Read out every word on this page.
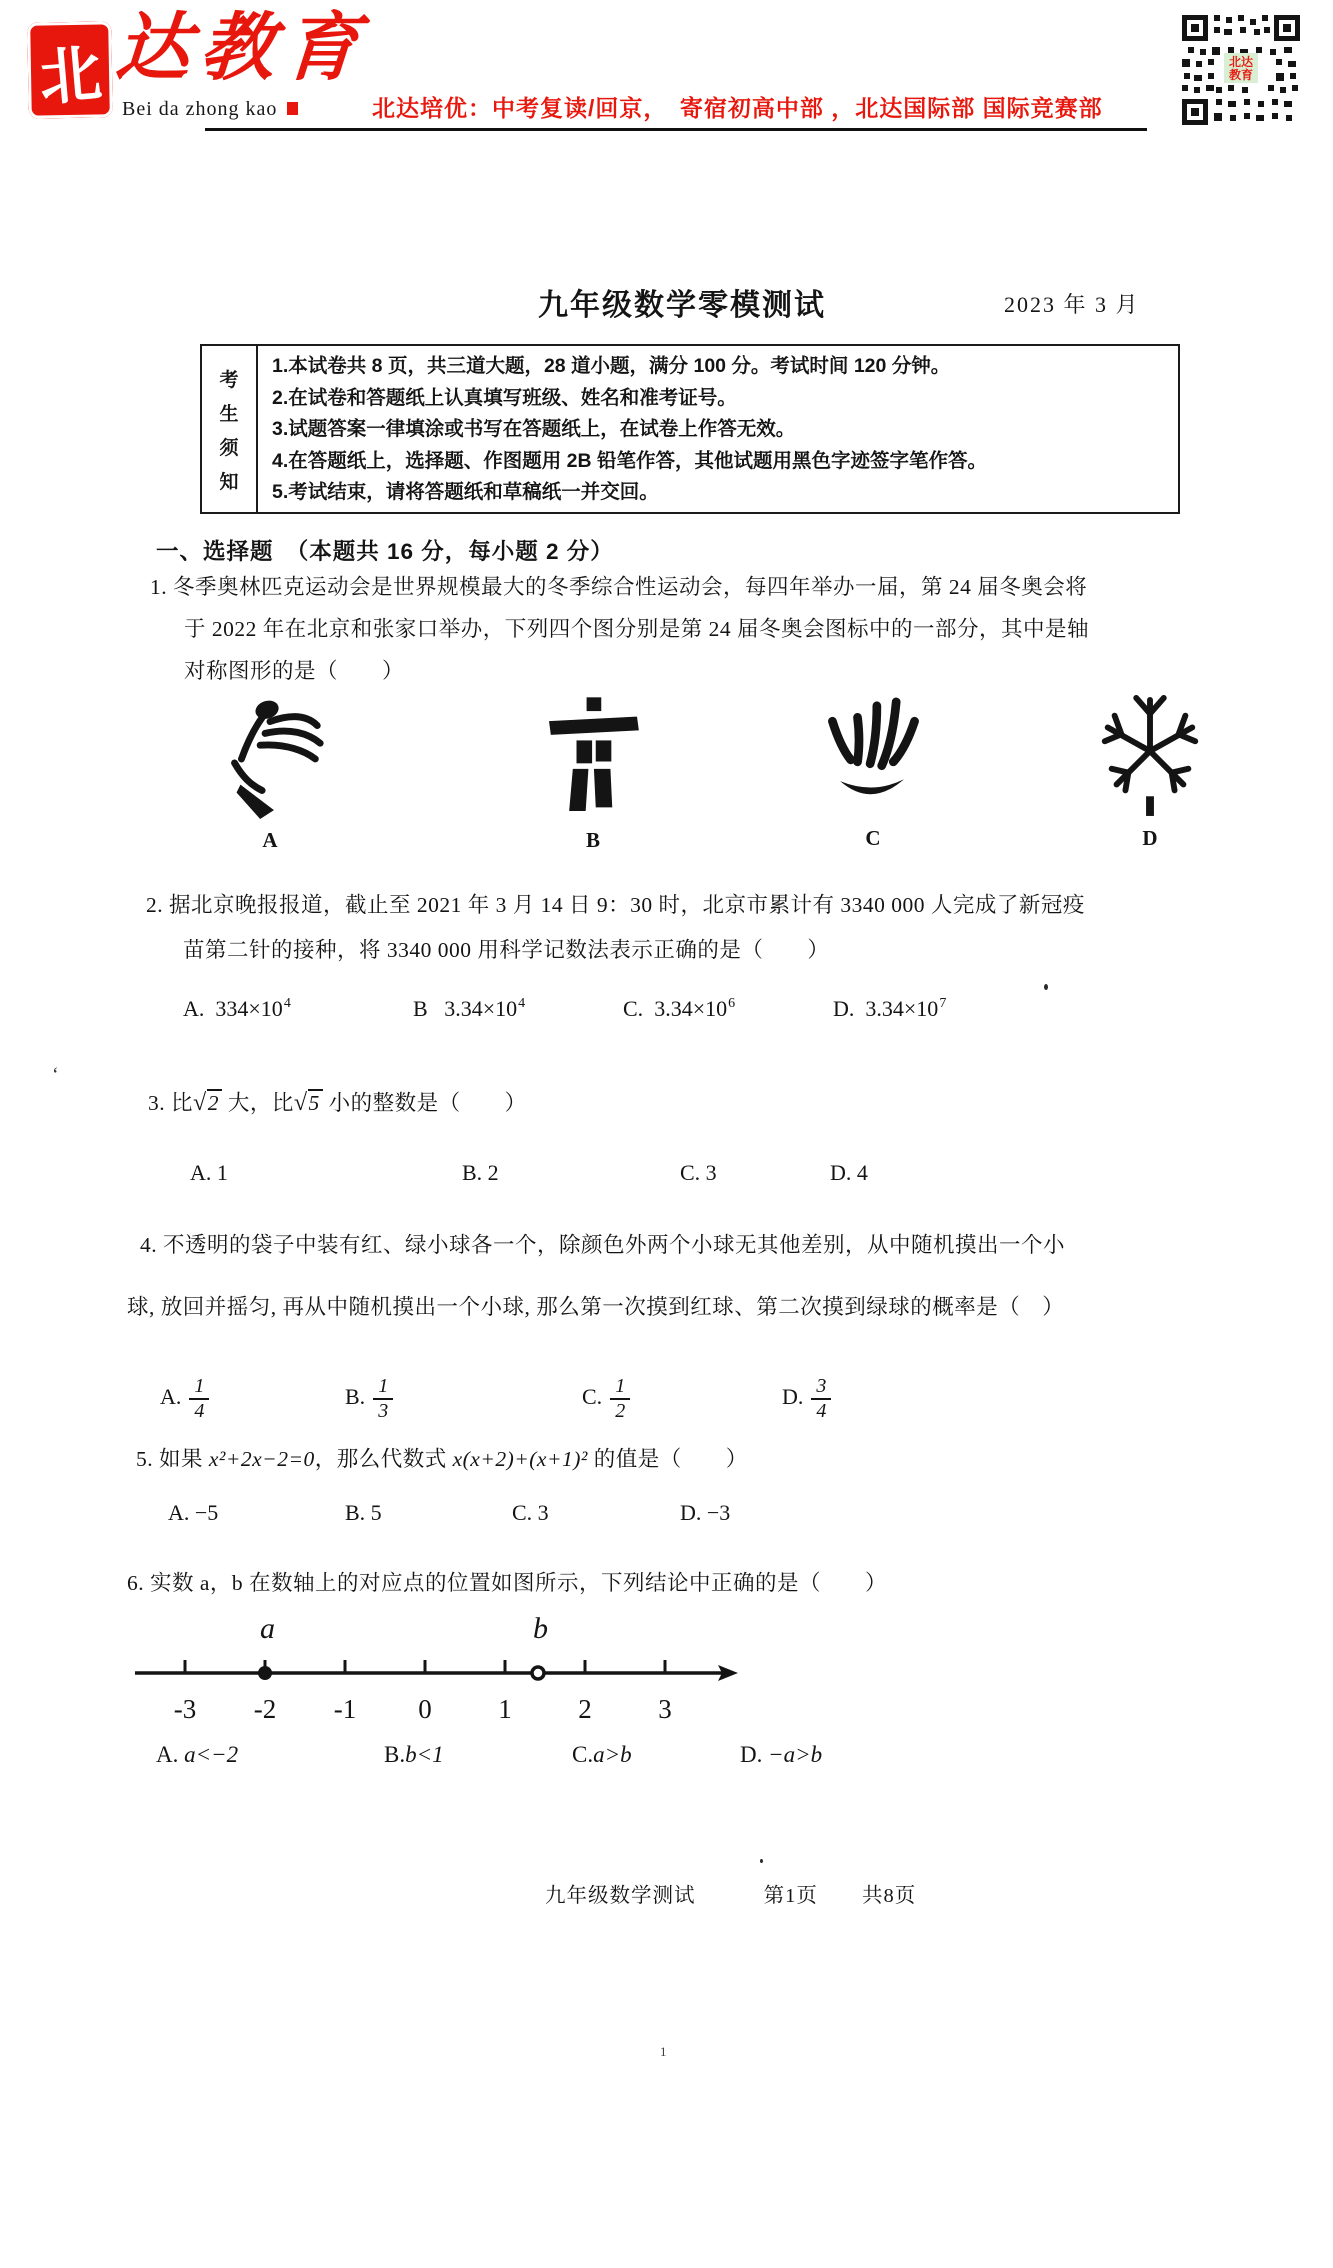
北 达教育
Bei da zhong kao	北达培优：中考复读/回京，　寄宿初高中部 ，北达国际部 国际竞赛部
北达
教育
九年级数学零模测试	2023 年 3 月
考
生
须
知
1.本试卷共 8 页，共三道大题，28 道小题，满分 100 分。考试时间 120 分钟。
2.在试卷和答题纸上认真填写班级、姓名和准考证号。
3.试题答案一律填涂或书写在答题纸上，在试卷上作答无效。
4.在答题纸上，选择题、作图题用 2B 铅笔作答，其他试题用黑色字迹签字笔作答。
5.考试结束，请将答题纸和草稿纸一并交回。
一、选择题　（本题共 16 分，每小题 2 分）
1. 冬季奥林匹克运动会是世界规模最大的冬季综合性运动会，每四年举办一届，第 24 届冬奥会将
于 2022 年在北京和张家口举办，下列四个图分别是第 24 届冬奥会图标中的一部分，其中是轴
对称图形的是（　　）
A	B	C	D
2. 据北京晚报报道，截止至 2021 年 3 月 14 日 9：30 时，北京市累计有 3340 000 人完成了新冠疫
苗第二针的接种，将 3340 000 用科学记数法表示正确的是（　　）
A. $334\times 10^4$	B $3.34\times 10^4$	C. $3.34\times 10^6$	D. $3.34\times 10^7$
3. 比√2 大，比√5 小的整数是（　　）
A. 1	B. 2	C. 3	D. 4
4. 不透明的袋子中装有红、绿小球各一个，除颜色外两个小球无其他差别，从中随机摸出一个小
球, 放回并摇匀, 再从中随机摸出一个小球, 那么第一次摸到红球、第二次摸到绿球的概率是（　）
A. $\frac{1}{4}$	B. $\frac{1}{3}$	C. $\frac{1}{2}$	D. $\frac{3}{4}$
5. 如果 x²+2x−2=0，那么代数式 x(x+2)+(x+1)² 的值是（　　）
A. −5	B. 5	C. 3	D. −3
6. 实数 a，b 在数轴上的对应点的位置如图所示，下列结论中正确的是（　　）
a	b
-3 -2 -1 0 1 2 3
A. a<−2	B.b<1	C.a>b	D. −a>b
九年级数学测试	第1页 共8页
1
‘
